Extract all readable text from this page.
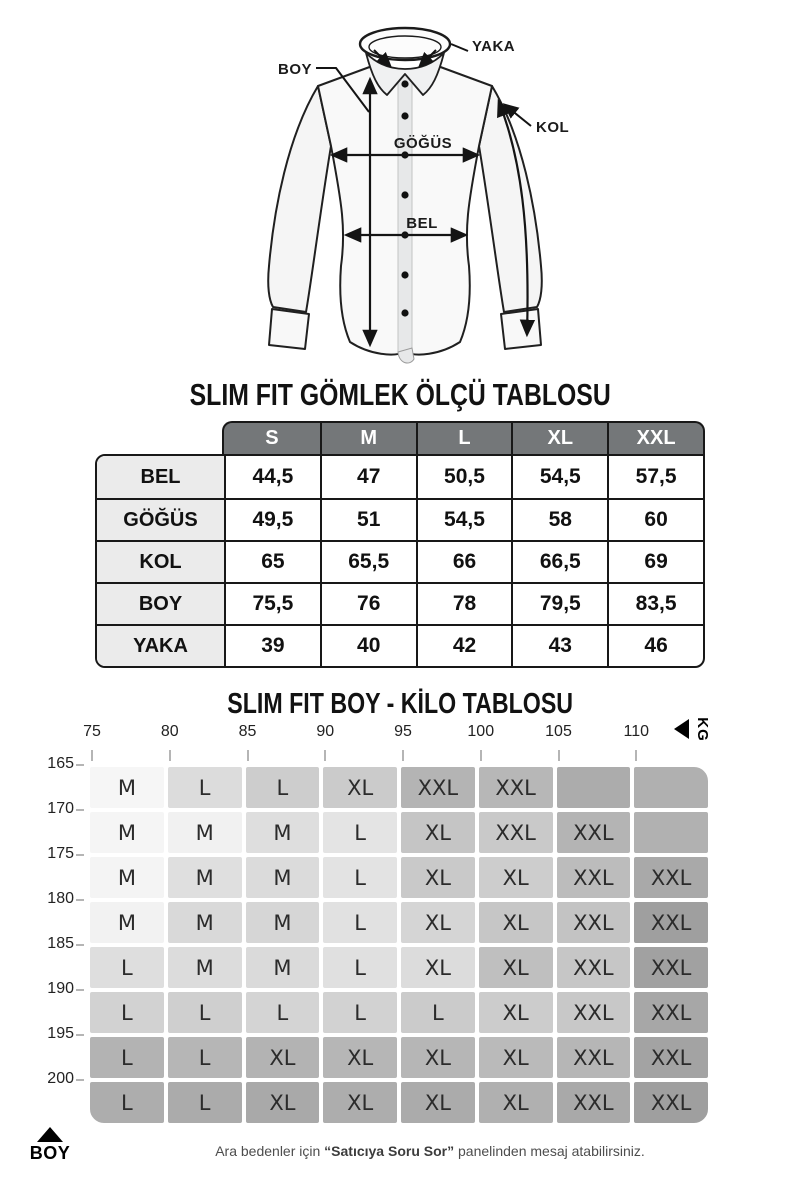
BOY
YAKA
KOL
GÖĞÜS
BEL
SLIM FIT GÖMLEK ÖLÇÜ TABLOSU
S	M	L	XL	XXL
BEL	44,5	47	50,5	54,5	57,5
GÖĞÜS	49,5	51	54,5	58	60
KOL	65	65,5	66	66,5	69
BOY	75,5	76	78	79,5	83,5
YAKA	39	40	42	43	46
SLIM FIT BOY - KİLO TABLOSU
75	80	85	90	95	100	105	110
165
170
175
180
185
190
195
200
M	L	L	XL	XXL	XXL
M	M	M	L	XL	XXL	XXL
M	M	M	L	XL	XL	XXL	XXL
M	M	M	L	XL	XL	XXL	XXL
L	M	M	L	XL	XL	XXL	XXL
L	L	L	L	L	XL	XXL	XXL
L	L	XL	XL	XL	XL	XXL	XXL
L	L	XL	XL	XL	XL	XXL	XXL
KG
BOY	Ara bedenler için “Satıcıya Soru Sor” panelinden mesaj atabilirsiniz.
